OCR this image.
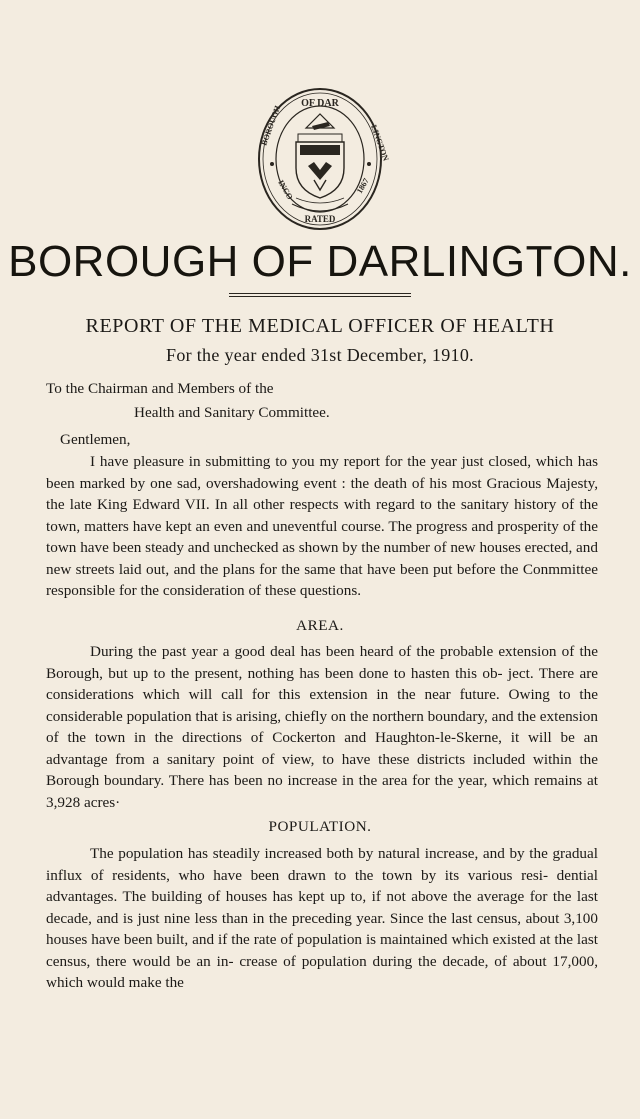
OF DAR
RATED
BOROUGH	LINGTON
INCO	1867
BOROUGH OF DARLINGTON.
REPORT OF THE MEDICAL OFFICER OF HEALTH
For the year ended 31st December, 1910.
To the Chairman and Members of the
Health and Sanitary Committee.
Gentlemen,
I have pleasure in submitting to you my report for the year just closed, which has been marked by one sad, overshadowing event : the death of his most Gracious Majesty, the late King Edward VII. In all other respects with regard to the sanitary history of the town, matters have kept an even and uneventful course. The progress and prosperity of the town have been steady and unchecked as shown by the number of new houses erected, and new streets laid out, and the plans for the same that have been put before the Conmmittee responsible for the consideration of these questions.
AREA.
During the past year a good deal has been heard of the probable extension of the Borough, but up to the present, nothing has been done to hasten this ob- ject. There are considerations which will call for this extension in the near future. Owing to the considerable population that is arising, chiefly on the northern boundary, and the extension of the town in the directions of Cockerton and Haughton-le-Skerne, it will be an advantage from a sanitary point of view, to have these districts included within the Borough boundary. There has been no increase in the area for the year, which remains at 3,928 acres·
POPULATION.
The population has steadily increased both by natural increase, and by the gradual influx of residents, who have been drawn to the town by its various resi- dential advantages. The building of houses has kept up to, if not above the average for the last decade, and is just nine less than in the preceding year. Since the last census, about 3,100 houses have been built, and if the rate of population is maintained which existed at the last census, there would be an in- crease of population during the decade, of about 17,000, which would make the
